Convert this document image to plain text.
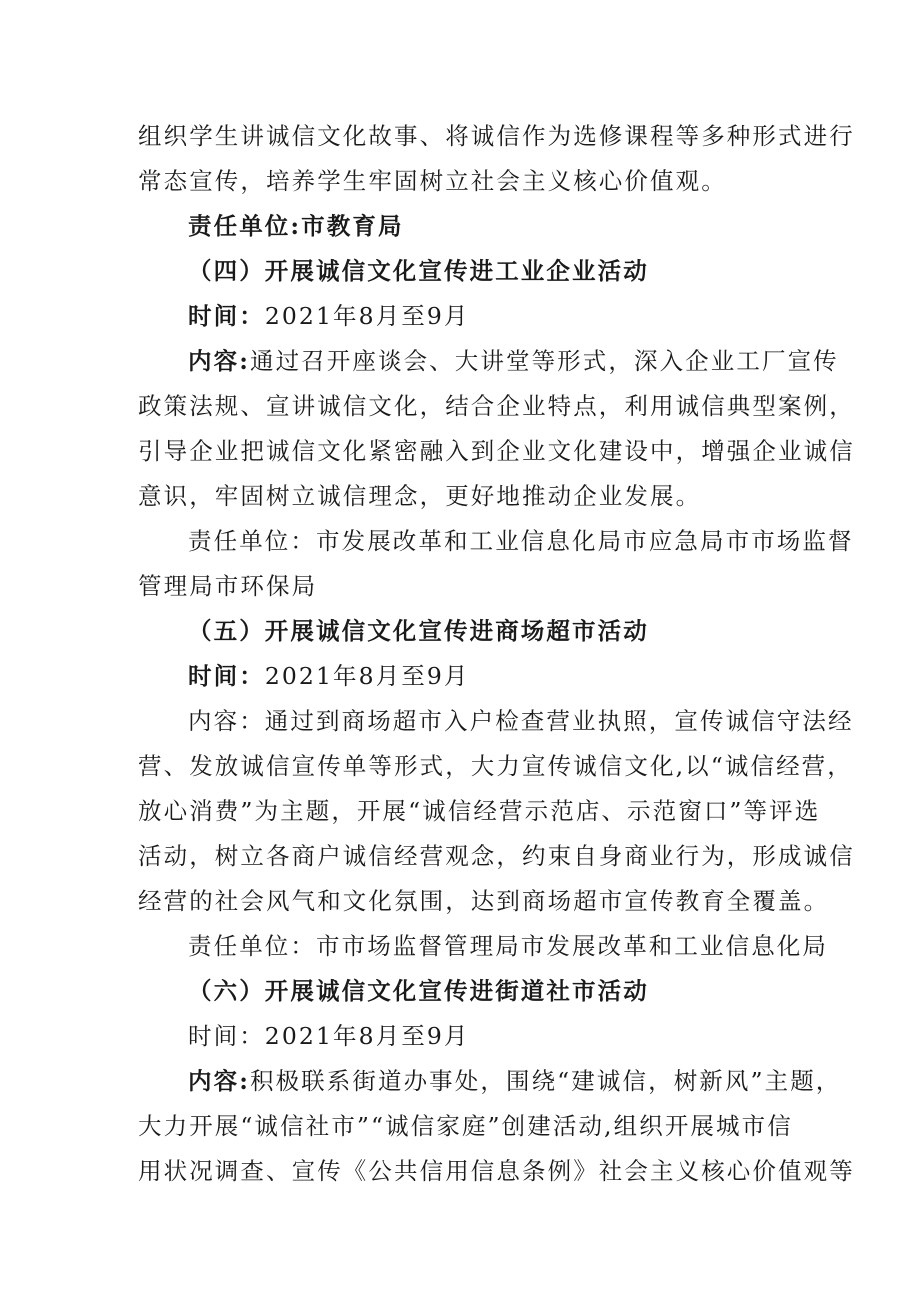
组织学生讲诚信文化故事、将诚信作为选修课程等多种形式进行
常态宣传，培养学生牢固树立社会主义核心价值观。
责任单位:市教育局
（四）开展诚信文化宣传进工业企业活动
时间：2021年8月至9月
内容:通过召开座谈会、大讲堂等形式，深入企业工厂宣传
政策法规、宣讲诚信文化，结合企业特点，利用诚信典型案例，
引导企业把诚信文化紧密融入到企业文化建设中，增强企业诚信
意识，牢固树立诚信理念，更好地推动企业发展。
责任单位：市发展改革和工业信息化局市应急局市市场监督
管理局市环保局
（五）开展诚信文化宣传进商场超市活动
时间：2021年8月至9月
内容：通过到商场超市入户检查营业执照，宣传诚信守法经
营、发放诚信宣传单等形式，大力宣传诚信文化,以“诚信经营，
放心消费”为主题，开展“诚信经营示范店、示范窗口”等评选
活动，树立各商户诚信经营观念，约束自身商业行为，形成诚信
经营的社会风气和文化氛围，达到商场超市宣传教育全覆盖。
责任单位：市市场监督管理局市发展改革和工业信息化局
（六）开展诚信文化宣传进街道社市活动
时间：2021年8月至9月
内容:积极联系街道办事处，围绕“建诚信，树新风”主题，
大力开展“诚信社市”“诚信家庭”创建活动,组织开展城市信
用状况调查、宣传《公共信用信息条例》社会主义核心价值观等
